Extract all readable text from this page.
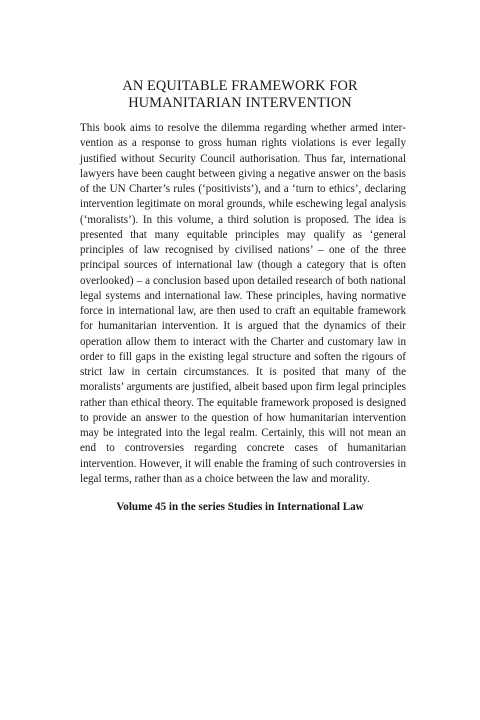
AN EQUITABLE FRAMEWORK FOR
HUMANITARIAN INTERVENTION

This book aims to resolve the dilemma regarding whether armed intervention as a response to gross human rights violations is ever legally justified without Security Council authorisation. Thus far, international lawyers have been caught between giving a negative answer on the basis of the UN Charter’s rules (‘positivists’), and a ‘turn to ethics’, declaring intervention legitimate on moral grounds, while eschewing legal analysis (‘moralists’). In this volume, a third solution is proposed. The idea is presented that many equitable principles may qualify as ‘general principles of law recognised by civilised nations’ – one of the three principal sources of international law (though a category that is often overlooked) – a conclusion based upon detailed research of both national legal systems and international law. These principles, having normative force in international law, are then used to craft an equitable framework for humanitarian intervention. It is argued that the dynamics of their operation allow them to interact with the Charter and customary law in order to fill gaps in the existing legal structure and soften the rigours of strict law in certain circumstances. It is posited that many of the moralists’ arguments are justified, albeit based upon firm legal principles rather than ethical theory. The equitable framework proposed is designed to provide an answer to the question of how humanitarian intervention may be integrated into the legal realm. Certainly, this will not mean an end to controversies regarding concrete cases of humanitarian intervention. However, it will enable the framing of such controversies in legal terms, rather than as a choice between the law and morality.

Volume 45 in the series Studies in International Law
